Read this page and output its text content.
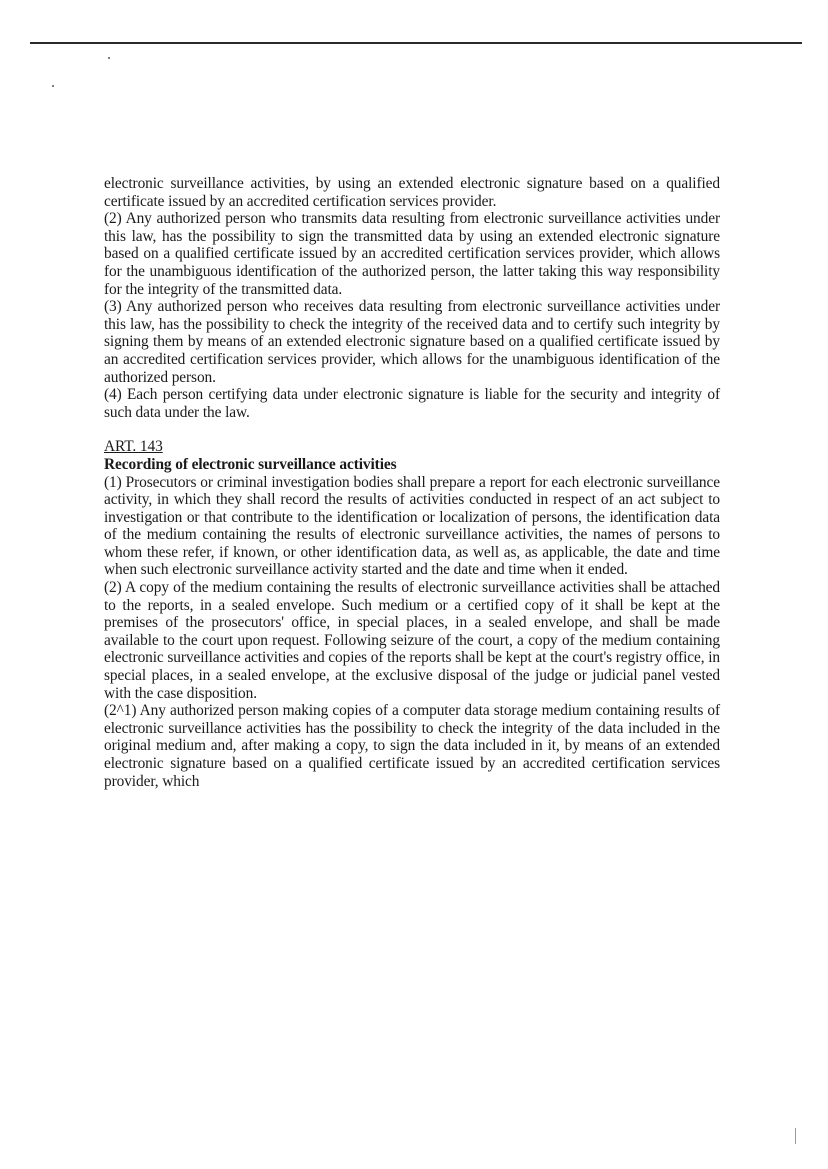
electronic surveillance activities, by using an extended electronic signature based on a qualified certificate issued by an accredited certification services provider.

(2) Any authorized person who transmits data resulting from electronic surveillance activities under this law, has the possibility to sign the transmitted data by using an extended electronic signature based on a qualified certificate issued by an accredited certification services provider, which allows for the unambiguous identification of the authorized person, the latter taking this way responsibility for the integrity of the transmitted data.

(3) Any authorized person who receives data resulting from electronic surveillance activities under this law, has the possibility to check the integrity of the received data and to certify such integrity by signing them by means of an extended electronic signature based on a qualified certificate issued by an accredited certification services provider, which allows for the unambiguous identification of the authorized person.

(4) Each person certifying data under electronic signature is liable for the security and integrity of such data under the law.

ART. 143

Recording of electronic surveillance activities

(1) Prosecutors or criminal investigation bodies shall prepare a report for each electronic surveillance activity, in which they shall record the results of activities conducted in respect of an act subject to investigation or that contribute to the identification or localization of persons, the identification data of the medium containing the results of electronic surveillance activities, the names of persons to whom these refer, if known, or other identification data, as well as, as applicable, the date and time when such electronic surveillance activity started and the date and time when it ended.

(2) A copy of the medium containing the results of electronic surveillance activities shall be attached to the reports, in a sealed envelope. Such medium or a certified copy of it shall be kept at the premises of the prosecutors' office, in special places, in a sealed envelope, and shall be made available to the court upon request. Following seizure of the court, a copy of the medium containing electronic surveillance activities and copies of the reports shall be kept at the court's registry office, in special places, in a sealed envelope, at the exclusive disposal of the judge or judicial panel vested with the case disposition.

(2^1) Any authorized person making copies of a computer data storage medium containing results of electronic surveillance activities has the possibility to check the integrity of the data included in the original medium and, after making a copy, to sign the data included in it, by means of an extended electronic signature based on a qualified certificate issued by an accredited certification services provider, which
